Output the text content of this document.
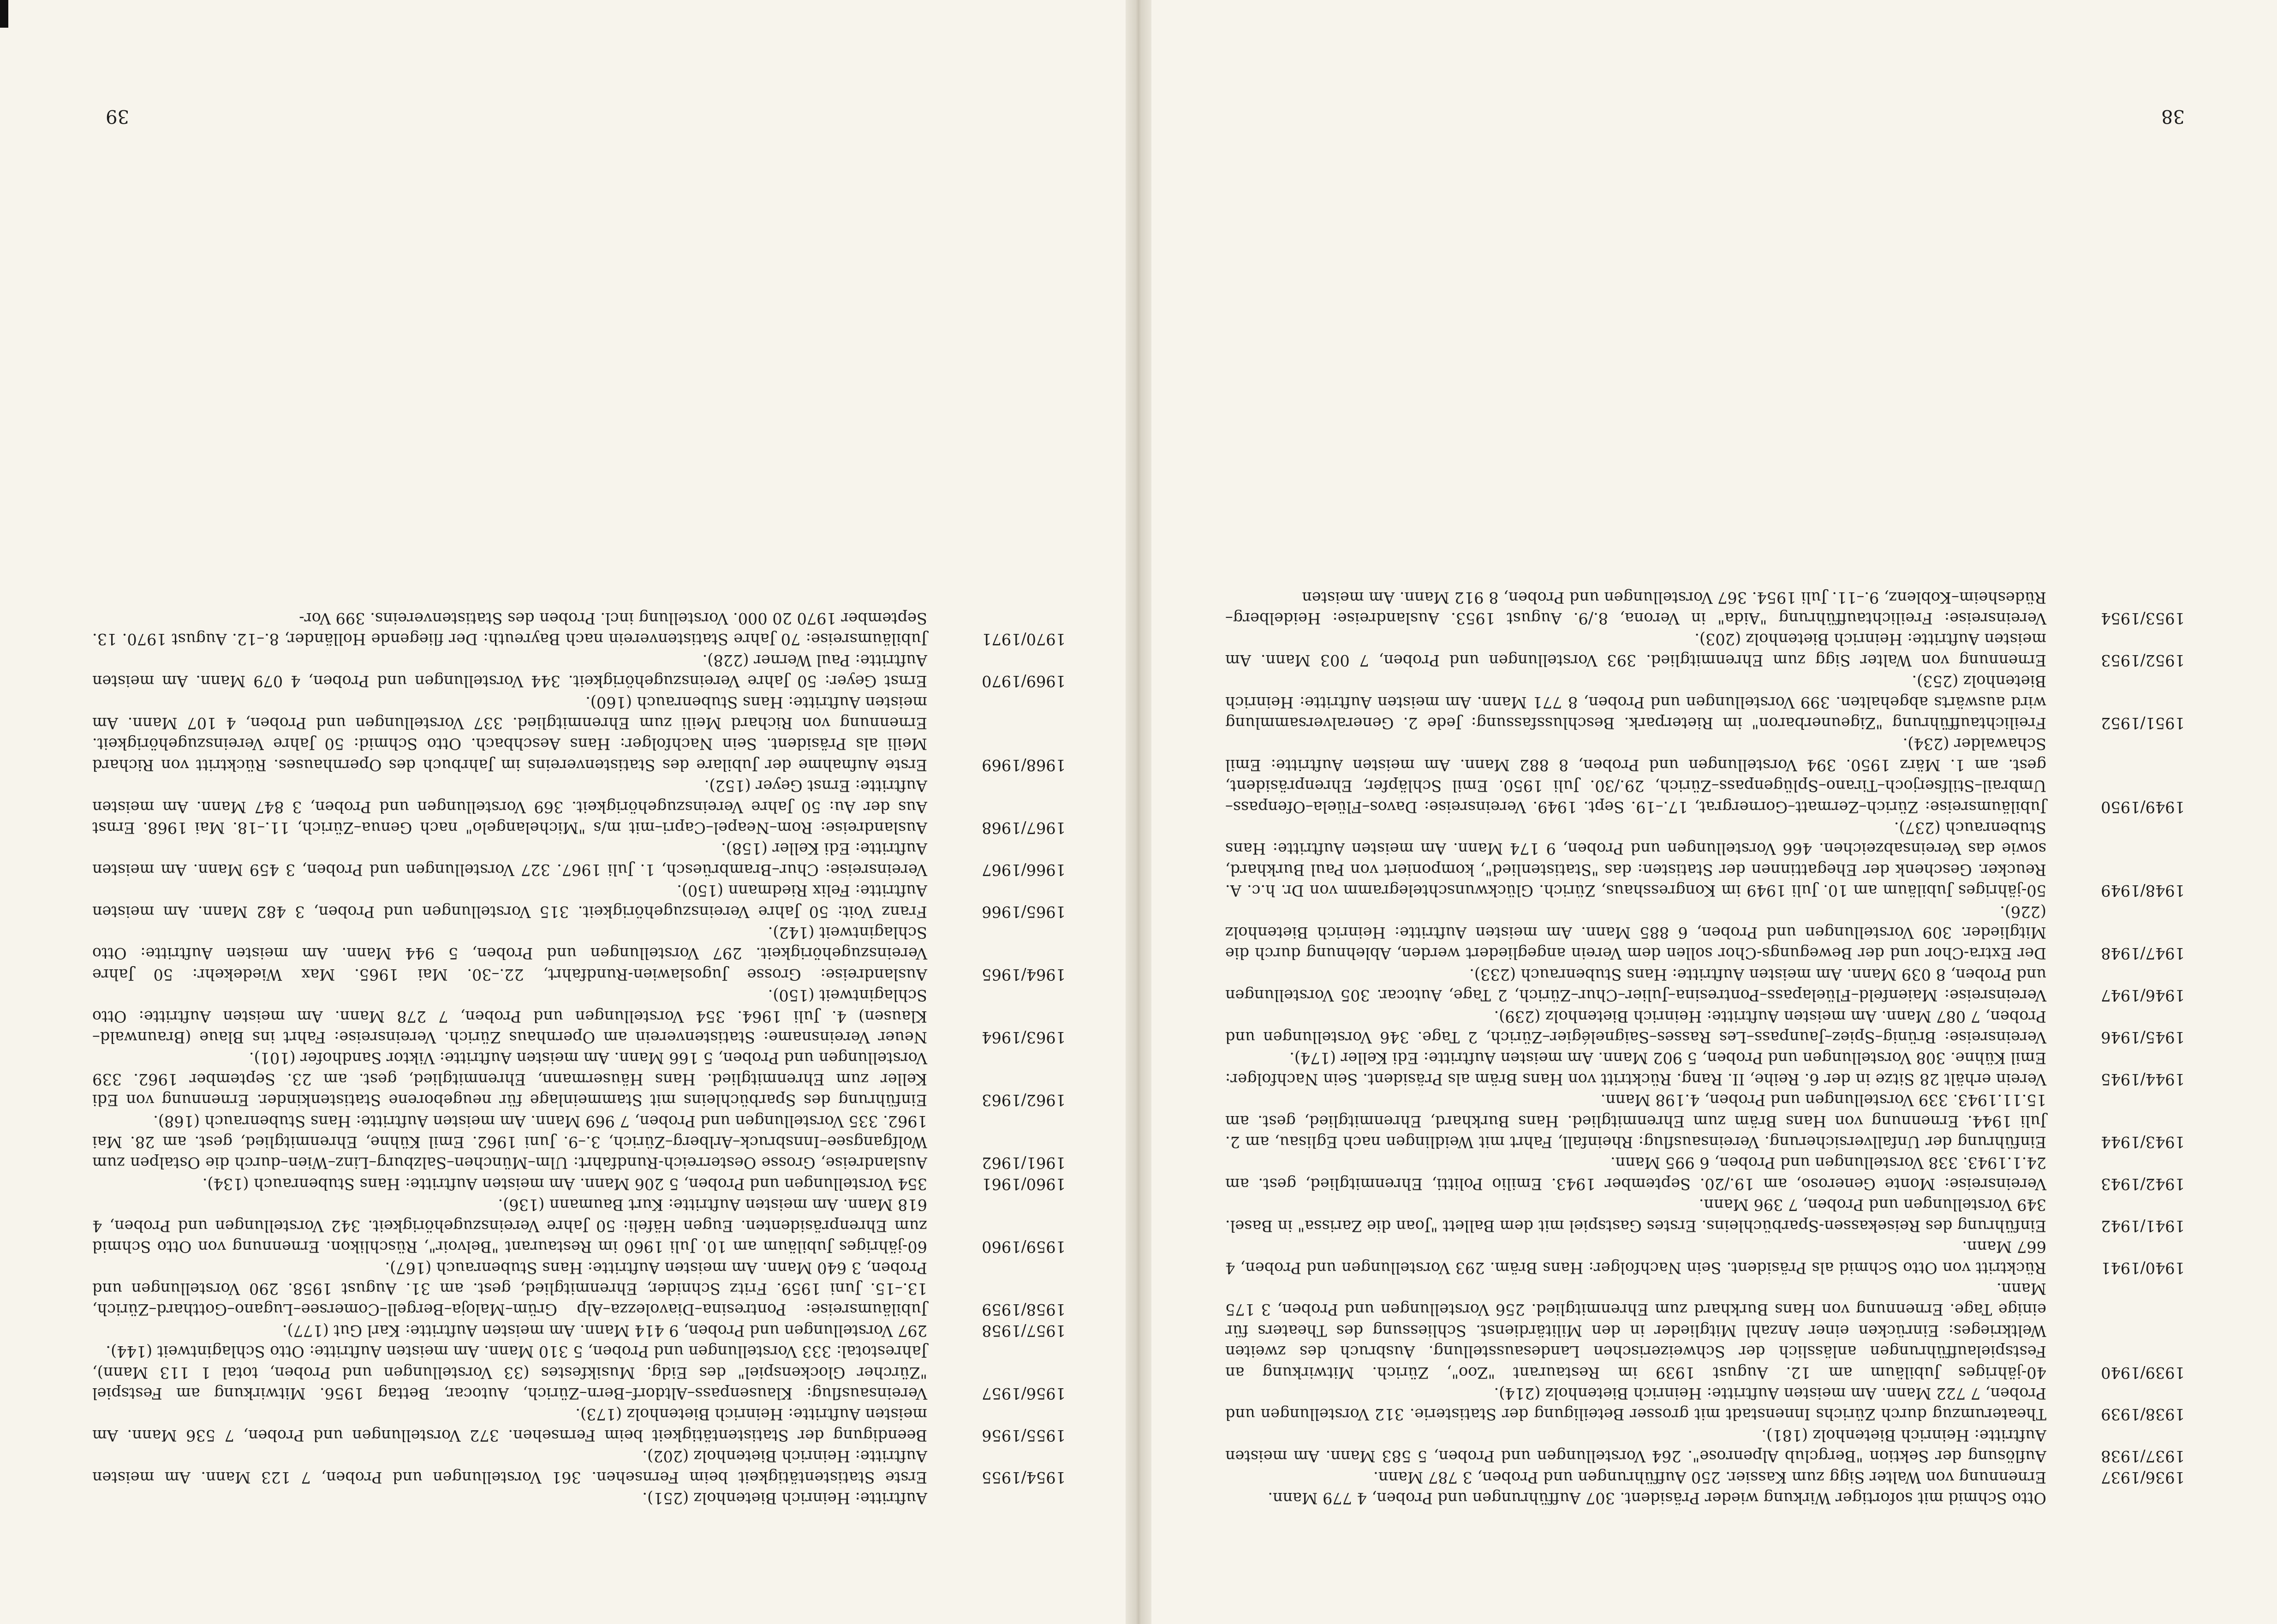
Otto Schmid mit sofortiger Wirkung wieder Präsident. 307 Aufführungen und Proben, 4 779 Mann.
1936/1937
Ernennung von Walter Sigg zum Kassier. 250 Aufführungen und Proben, 3 787 Mann.
1937/1938
Auflösung der Sektion "Bergclub Alpenrose". 264 Vorstellungen und Proben, 5 583 Mann. Am meisten Auftritte: Heinrich Bietenholz (181).
1938/1939
Theaterumzug durch Zürichs Innenstadt mit grosser Beteiligung der Statisterie. 312 Vorstellungen und Proben, 7 722 Mann. Am meisten Auftritte: Heinrich Bietenholz (214).
1939/1940
40-jähriges Jubiläum am 12. August 1939 im Restaurant "Zoo", Zürich. Mitwirkung an Festspielaufführungen anlässlich der Schweizerischen Landesausstellung. Ausbruch des zweiten Weltkrieges: Einrücken einer Anzahl Mitglieder in den Militärdienst. Schliessung des Theaters für einige Tage. Ernennung von Hans Burkhard zum Ehrenmitglied. 256 Vorstellungen und Proben, 3 175 Mann.
1940/1941
Rücktritt von Otto Schmid als Präsident. Sein Nachfolger: Hans Bräm. 293 Vorstellungen und Proben, 4 667 Mann.
1941/1942
Einführung des Reisekassen-Sparbüchleins. Erstes Gastspiel mit dem Ballett "Joan die Zarissa" in Basel. 349 Vorstellungen und Proben, 7 396 Mann.
1942/1943
Vereinsreise: Monte Generoso, am 19./20. September 1943. Emilio Politti, Ehrenmitglied, gest. am 24.1.1943. 338 Vorstellungen und Proben, 6 995 Mann.
1943/1944
Einführung der Unfallversicherung. Vereinsausflug: Rheinfall, Fahrt mit Weidlingen nach Eglisau, am 2. Juli 1944. Ernennung von Hans Bräm zum Ehrenmitglied. Hans Burkhard, Ehrenmitglied, gest. am 15.11.1943. 339 Vorstellungen und Proben, 4.198 Mann.
1944/1945
Verein erhält 28 Sitze in der 6. Reihe, II. Rang. Rücktritt von Hans Bräm als Präsident. Sein Nachfolger: Emil Kühne. 308 Vorstellungen und Proben, 5 902 Mann. Am meisten Auftritte: Edi Keller (174).
1945/1946
Vereinsreise: Brünig–Spiez–Jaunpass–Les Rasses–Saignelégier–Zürich, 2 Tage. 346 Vorstellungen und Proben, 7 087 Mann. Am meisten Auftritte: Heinrich Bietenholz (239).
1946/1947
Vereinsreise: Maienfeld–Flüelapass–Pontresina–Julier–Chur–Zürich, 2 Tage, Autocar. 305 Vorstellungen und Proben, 8 039 Mann. Am meisten Auftritte: Hans Stubenrauch (233).
1947/1948
Der Extra-Chor und der Bewegungs-Chor sollen dem Verein angegliedert werden, Ablehnung durch die Mitglieder. 309 Vorstellungen und Proben, 6 885 Mann. Am meisten Auftritte: Heinrich Bietenholz (226).
1948/1949
50-jähriges Jubiläum am 10. Juli 1949 im Kongresshaus, Zürich. Glückwunschtelegramm von Dr. h.c. A. Reucker. Geschenk der Ehegattinnen der Statisten: das "Statistenlied", komponiert von Paul Burkhard, sowie das Vereinsabzeichen. 466 Vorstellungen und Proben, 9 174 Mann. Am meisten Auftritte: Hans Stubenrauch (237).
1949/1950
Jubiläumsreise: Zürich–Zermatt–Gornergrat, 17.–19. Sept. 1949. Vereinsreise: Davos–Flüela–Ofenpass–Umbrail–Stilfserjoch–Tirano–Splügenpass–Zürich, 29./30. Juli 1950. Emil Schläpfer, Ehrenpräsident, gest. am 1. März 1950. 394 Vorstellungen und Proben, 8 882 Mann. Am meisten Auftritte: Emil Schawalder (234).
1951/1952
Freilichtaufführung "Zigeunerbaron" im Rieterpark. Beschlussfassung: Jede 2. Generalversammlung wird auswärts abgehalten. 399 Vorstellungen und Proben, 8 771 Mann. Am meisten Auftritte: Heinrich Bietenholz (253).
1952/1953
Ernennung von Walter Sigg zum Ehrenmitglied. 393 Vorstellungen und Proben, 7 003 Mann. Am meisten Auftritte: Heinrich Bietenholz (203).
1953/1954
Vereinsreise: Freilichtaufführung "Aida" in Verona, 8./9. August 1953. Auslandreise: Heidelberg–Rüdesheim–Koblenz, 9.–11. Juli 1954. 367 Vorstellungen und Proben, 8 912 Mann. Am meisten
38
Auftritte: Heinrich Bietenholz (251).
1954/1955
Erste Statistentätigkeit beim Fernsehen. 361 Vorstellungen und Proben, 7 123 Mann. Am meisten Auftritte: Heinrich Bietenholz (202).
1955/1956
Beendigung der Statistentätigkeit beim Fernsehen. 372 Vorstellungen und Proben, 7 536 Mann. Am meisten Auftritte: Heinrich Bietenholz (173).
1956/1957
Vereinsausflug: Klausenpass–Altdorf–Bern–Zürich, Autocar, Bettag 1956. Mitwirkung am Festspiel "Zürcher Glockenspiel" des Eidg. Musikfestes (33 Vorstellungen und Proben, total 1 113 Mann), Jahrestotal: 333 Vorstellungen und Proben, 5 310 Mann. Am meisten Auftritte: Otto Schlagintweit (144).
1957/1958
297 Vorstellungen und Proben, 9 414 Mann. Am meisten Auftritte: Karl Gut (177).
1958/1959
Jubiläumsreise: Pontresina–Diavolezza–Alp Grüm–Maloja–Bergell–Comersee–Lugano–Gotthard–Zürich, 13.–15. Juni 1959. Fritz Schnider, Ehrenmitglied, gest. am 31. August 1958. 290 Vorstellungen und Proben, 3 640 Mann. Am meisten Auftritte: Hans Stubenrauch (167).
1959/1960
60-jähriges Jubiläum am 10. Juli 1960 im Restaurant "Belvoir", Rüschlikon. Ernennung von Otto Schmid zum Ehrenpräsidenten. Eugen Häfeli: 50 Jahre Vereinszugehörigkeit. 342 Vorstellungen und Proben, 4 618 Mann. Am meisten Auftritte: Kurt Baumann (136).
1960/1961
354 Vorstellungen und Proben, 5 206 Mann. Am meisten Auftritte: Hans Stubenrauch (134).
1961/1962
Auslandreise, Grosse Oesterreich-Rundfahrt: Ulm–München–Salzburg–Linz–Wien–durch die Ostalpen zum Wolfgangsee–Innsbruck–Arlberg–Zürich, 3.–9. Juni 1962. Emil Kühne, Ehrenmitglied, gest. am 28. Mai 1962. 335 Vorstellungen und Proben, 7 969 Mann. Am meisten Auftritte: Hans Stubenrauch (168).
1962/1963
Einführung des Sparbüchleins mit Stammeinlage für neugeborene Statistenkinder. Ernennung von Edi Keller zum Ehrenmitglied. Hans Häusermann, Ehrenmitglied, gest. am 23. September 1962. 339 Vorstellungen und Proben, 5 166 Mann. Am meisten Auftritte: Viktor Sandhofer (101).
1963/1964
Neuer Vereinsname: Statistenverein am Opernhaus Zürich. Vereinsreise: Fahrt ins Blaue (Braunwald–Klausen) 4. Juli 1964. 354 Vorstellungen und Proben, 7 278 Mann. Am meisten Auftritte: Otto Schlagintweit (150).
1964/1965
Auslandreise: Grosse Jugoslawien-Rundfahrt, 22.–30. Mai 1965. Max Wiedekehr: 50 Jahre Vereinszugehörigkeit. 297 Vorstellungen und Proben, 5 944 Mann. Am meisten Auftritte: Otto Schlagintweit (142).
1965/1966
Franz Voit: 50 Jahre Vereinszugehörigkeit. 315 Vorstellungen und Proben, 3 482 Mann. Am meisten Auftritte: Felix Riedmann (150).
1966/1967
Vereinsreise: Chur–Brambrüesch, 1. Juli 1967. 327 Vorstellungen und Proben, 3 459 Mann. Am meisten Auftritte: Edi Keller (158).
1967/1968
Auslandreise: Rom–Neapel–Capri–mit m/s "Michelangelo" nach Genua–Zürich, 11.–18. Mai 1968. Ernst Aus der Au: 50 Jahre Vereinszugehörigkeit. 369 Vorstellungen und Proben, 3 847 Mann. Am meisten Auftritte: Ernst Geyer (152).
1968/1969
Erste Aufnahme der Jubilare des Statistenvereins im Jahrbuch des Opernhauses. Rücktritt von Richard Meili als Präsident. Sein Nachfolger: Hans Aeschbach. Otto Schmid: 50 Jahre Vereinszugehörigkeit. Ernennung von Richard Meili zum Ehrenmitglied. 337 Vorstellungen und Proben, 4 107 Mann. Am meisten Auftritte: Hans Stubenrauch (160).
1969/1970
Ernst Geyer: 50 Jahre Vereinszugehörigkeit. 344 Vorstellungen und Proben, 4 079 Mann. Am meisten Auftritte: Paul Werner (228).
1970/1971
Jubiläumsreise: 70 Jahre Statistenverein nach Bayreuth: Der fliegende Holländer, 8.–12. August 1970. 13. September 1970 20 000. Vorstellung incl. Proben des Statistenvereins. 399 Vor-
39
